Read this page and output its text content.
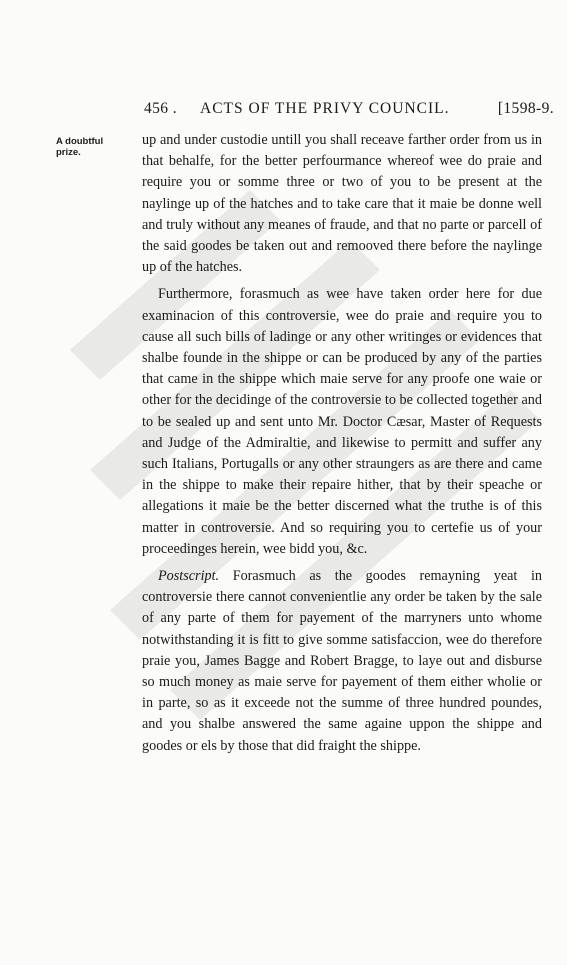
456 . ACTS OF THE PRIVY COUNCIL.	[1598-9.
A doubtful prize.

up and under custodie untill you shall receave farther order from us in that behalfe, for the better perfourmance whereof wee do praie and require you or somme three or two of you to be present at the naylinge up of the hatches and to take care that it maie be donne well and truly without any meanes of fraude, and that no parte or parcell of the said goodes be taken out and remooved there before the naylinge up of the hatches.

Furthermore, forasmuch as wee have taken order here for due examinacion of this controversie, wee do praie and require you to cause all such bills of ladinge or any other writinges or evidences that shalbe founde in the shippe or can be produced by any of the parties that came in the shippe which maie serve for any proofe one waie or other for the decidinge of the controversie to be collected together and to be sealed up and sent unto Mr. Doctor Cæsar, Master of Requests and Judge of the Admiraltie, and likewise to permitt and suffer any such Italians, Portugalls or any other straungers as are there and came in the shippe to make their repaire hither, that by their speache or allegations it maie be the better discerned what the truthe is of this matter in controversie. And so requiring you to certefie us of your proceedinges herein, wee bidd you, &c.

Postscript. Forasmuch as the goodes remayning yeat in controversie there cannot convenientlie any order be taken by the sale of any parte of them for payement of the marryners unto whome notwithstanding it is fitt to give somme satisfaccion, wee do therefore praie you, James Bagge and Robert Bragge, to laye out and disburse so much money as maie serve for payement of them either wholie or in parte, so as it exceede not the summe of three hundred poundes, and you shalbe answered the same againe uppon the shippe and goodes or els by those that did fraight the shippe.
